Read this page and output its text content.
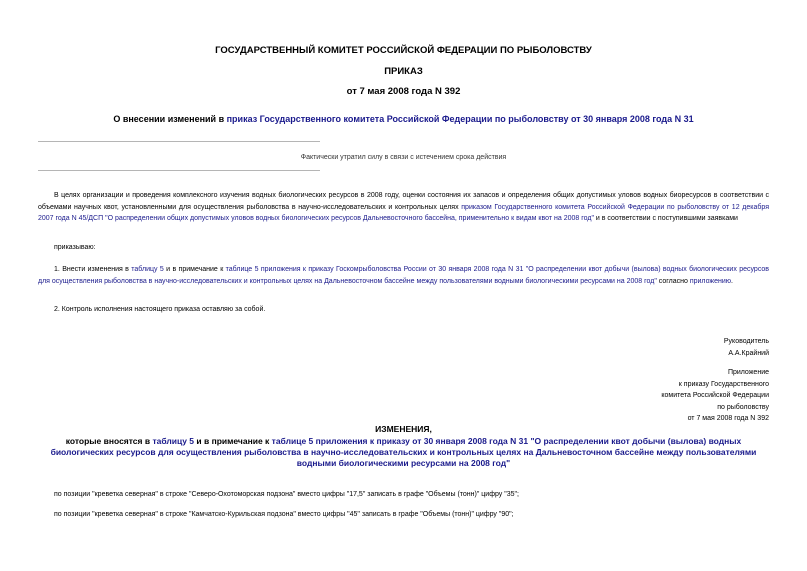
ГОСУДАРСТВЕННЫЙ КОМИТЕТ РОССИЙСКОЙ ФЕДЕРАЦИИ ПО РЫБОЛОВСТВУ
ПРИКАЗ
от 7 мая 2008 года N 392
О внесении изменений в приказ Государственного комитета Российской Федерации по рыболовству от 30 января 2008 года N 31
Фактически утратил силу в связи с истечением срока действия
В целях организации и проведения комплексного изучения водных биологических ресурсов в 2008 году, оценки состояния их запасов и определения общих допустимых уловов водных биоресурсов в соответствии с объемами научных квот, установленными для осуществления рыболовства в научно-исследовательских и контрольных целях приказом Государственного комитета Российской Федерации по рыболовству от 12 декабря 2007 года N 45/ДСП "О распределении общих допустимых уловов водных биологических ресурсов Дальневосточного бассейна, применительно к видам квот на 2008 год" и в соответствии с поступившими заявками
приказываю:
1. Внести изменения в таблицу 5 и в примечание к таблице 5 приложения к приказу Госкомрыболовства России от 30 января 2008 года N 31 "О распределении квот добычи (вылова) водных биологических ресурсов для осуществления рыболовства в научно-исследовательских и контрольных целях на Дальневосточном бассейне между пользователями водными биологическими ресурсами на 2008 год" согласно приложению.
2. Контроль исполнения настоящего приказа оставляю за собой.
Руководитель
А.А.Крайний
Приложение
к приказу Государственного
комитета Российской Федерации
по рыболовству
от 7 мая 2008 года N 392
ИЗМЕНЕНИЯ,
которые вносятся в таблицу 5 и в примечание к таблице 5 приложения к приказу от 30 января 2008 года N 31 "О распределении квот добычи (вылова) водных биологических ресурсов для осуществления рыболовства в научно-исследовательских и контрольных целях на Дальневосточном бассейне между пользователями водными биологическими ресурсами на 2008 год"
по позиции "креветка северная" в строке "Северо-Охотоморская подзона" вместо цифры "17,5" записать в графе "Объемы (тонн)" цифру "35";
по позиции "креветка северная" в строке "Камчатско-Курильская подзона" вместо цифры "45" записать в графе "Объемы (тонн)" цифру "90";
